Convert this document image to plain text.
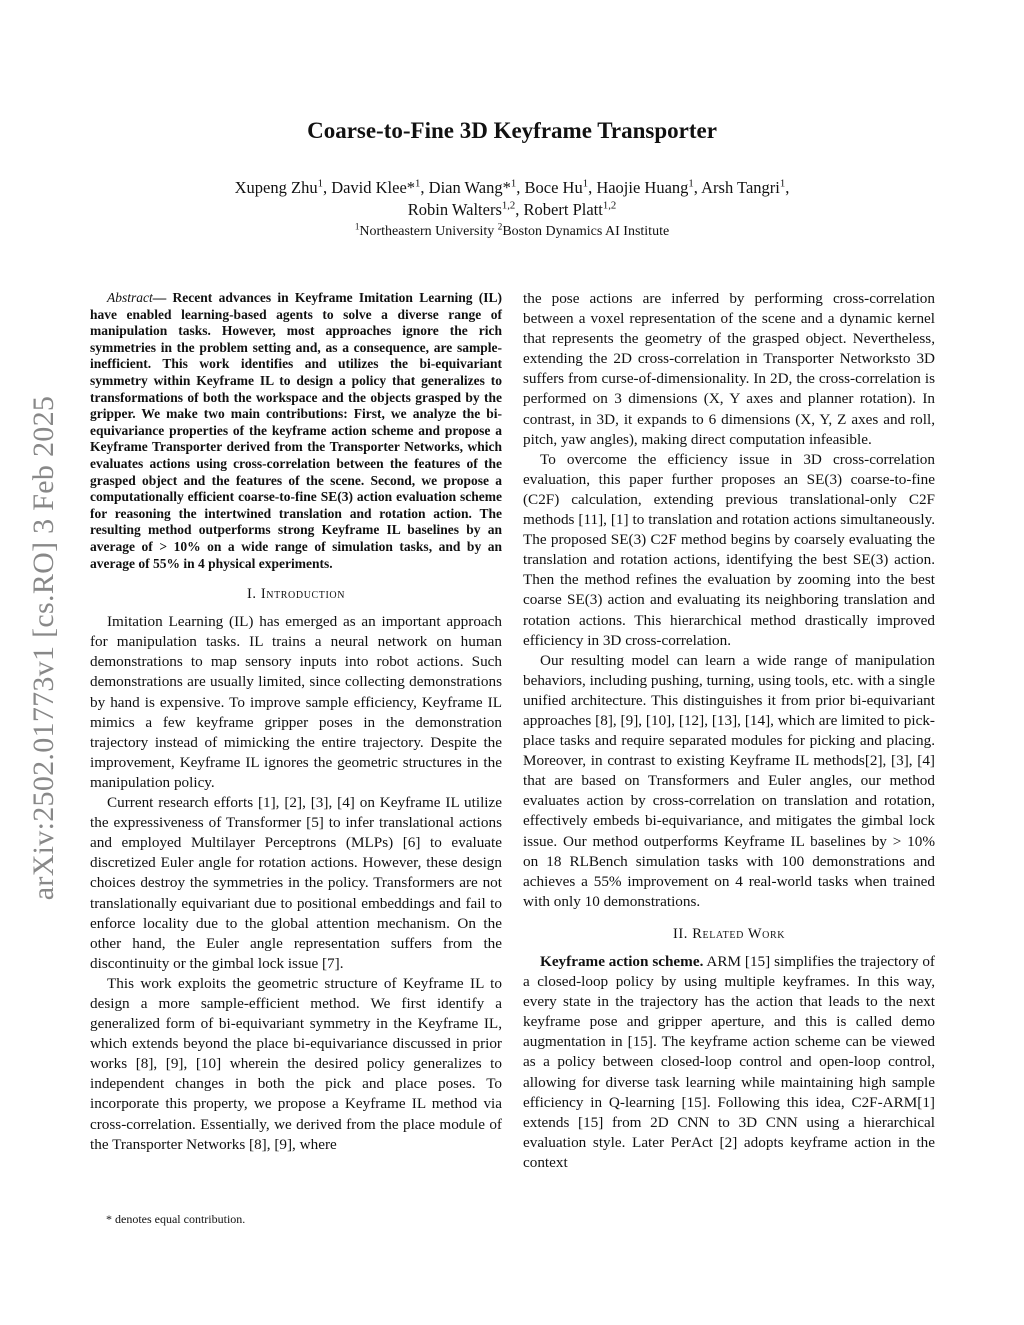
arXiv:2502.01773v1 [cs.RO] 3 Feb 2025
Coarse-to-Fine 3D Keyframe Transporter
Xupeng Zhu$^1$, David Klee*$^1$, Dian Wang*$^1$, Boce Hu$^1$, Haojie Huang$^1$, Arsh Tangri$^1$,
Robin Walters$^{1,2}$, Robert Platt$^{1,2}$
$^1$Northeastern University $^2$Boston Dynamics AI Institute

Abstract— Recent advances in Keyframe Imitation Learning (IL) have enabled learning-based agents to solve a diverse range of manipulation tasks. However, most approaches ignore the rich symmetries in the problem setting and, as a consequence, are sample-inefficient. This work identifies and utilizes the bi-equivariant symmetry within Keyframe IL to design a policy that generalizes to transformations of both the workspace and the objects grasped by the gripper. We make two main contributions: First, we analyze the bi-equivariance properties of the keyframe action scheme and propose a Keyframe Transporter derived from the Transporter Networks, which evaluates actions using cross-correlation between the features of the grasped object and the features of the scene. Second, we propose a computationally efficient coarse-to-fine SE(3) action evaluation scheme for reasoning the intertwined translation and rotation action. The resulting method outperforms strong Keyframe IL baselines by an average of > 10% on a wide range of simulation tasks, and by an average of 55% in 4 physical experiments.

I. Introduction

Imitation Learning (IL) has emerged as an important approach for manipulation tasks. IL trains a neural network on human demonstrations to map sensory inputs into robot actions. Such demonstrations are usually limited, since collecting demonstrations by hand is expensive. To improve sample efficiency, Keyframe IL mimics a few keyframe gripper poses in the demonstration trajectory instead of mimicking the entire trajectory. Despite the improvement, Keyframe IL ignores the geometric structures in the manipulation policy.

Current research efforts [1], [2], [3], [4] on Keyframe IL utilize the expressiveness of Transformer [5] to infer translational actions and employed Multilayer Perceptrons (MLPs) [6] to evaluate discretized Euler angle for rotation actions. However, these design choices destroy the symmetries in the policy. Transformers are not translationally equivariant due to positional embeddings and fail to enforce locality due to the global attention mechanism. On the other hand, the Euler angle representation suffers from the discontinuity or the gimbal lock issue [7].

This work exploits the geometric structure of Keyframe IL to design a more sample-efficient method. We first identify a generalized form of bi-equivariant symmetry in the Keyframe IL, which extends beyond the place bi-equivariance discussed in prior works [8], [9], [10] wherein the desired policy generalizes to independent changes in both the pick and place poses. To incorporate this property, we propose a Keyframe IL method via cross-correlation. Essentially, we derived from the place module of the Transporter Networks [8], [9], where

the pose actions are inferred by performing cross-correlation between a voxel representation of the scene and a dynamic kernel that represents the geometry of the grasped object. Nevertheless, extending the 2D cross-correlation in Transporter Networksto 3D suffers from curse-of-dimensionality. In 2D, the cross-correlation is performed on 3 dimensions (X, Y axes and planner rotation). In contrast, in 3D, it expands to 6 dimensions (X, Y, Z axes and roll, pitch, yaw angles), making direct computation infeasible.

To overcome the efficiency issue in 3D cross-correlation evaluation, this paper further proposes an SE(3) coarse-to-fine (C2F) calculation, extending previous translational-only C2F methods [11], [1] to translation and rotation actions simultaneously. The proposed SE(3) C2F method begins by coarsely evaluating the translation and rotation actions, identifying the best SE(3) action. Then the method refines the evaluation by zooming into the best coarse SE(3) action and evaluating its neighboring translation and rotation actions. This hierarchical method drastically improved efficiency in 3D cross-correlation.

Our resulting model can learn a wide range of manipulation behaviors, including pushing, turning, using tools, etc. with a single unified architecture. This distinguishes it from prior bi-equivariant approaches [8], [9], [10], [12], [13], [14], which are limited to pick-place tasks and require separated modules for picking and placing. Moreover, in contrast to existing Keyframe IL methods[2], [3], [4] that are based on Transformers and Euler angles, our method evaluates action by cross-correlation on translation and rotation, effectively embeds bi-equivariance, and mitigates the gimbal lock issue. Our method outperforms Keyframe IL baselines by > 10% on 18 RLBench simulation tasks with 100 demonstrations and achieves a 55% improvement on 4 real-world tasks when trained with only 10 demonstrations.

II. Related Work

Keyframe action scheme. ARM [15] simplifies the trajectory of a closed-loop policy by using multiple keyframes. In this way, every state in the trajectory has the action that leads to the next keyframe pose and gripper aperture, and this is called demo augmentation in [15]. The keyframe action scheme can be viewed as a policy between closed-loop control and open-loop control, allowing for diverse task learning while maintaining high sample efficiency in Q-learning [15]. Following this idea, C2F-ARM[1] extends [15] from 2D CNN to 3D CNN using a hierarchical evaluation style. Later PerAct [2] adopts keyframe action in the context

* denotes equal contribution.
